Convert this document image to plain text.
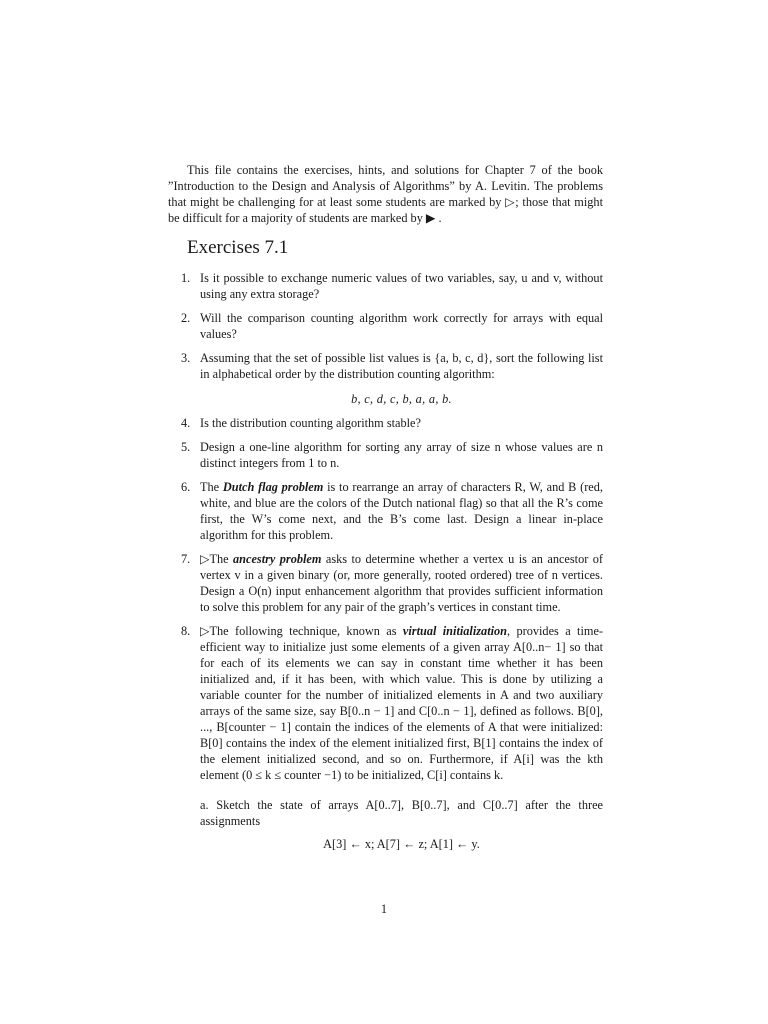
This file contains the exercises, hints, and solutions for Chapter 7 of the book ”Introduction to the Design and Analysis of Algorithms” by A. Levitin. The problems that might be challenging for at least some students are marked by ▷; those that might be difficult for a majority of students are marked by ▶ .

Exercises 7.1
1. Is it possible to exchange numeric values of two variables, say, u and v, without using any extra storage?
2. Will the comparison counting algorithm work correctly for arrays with equal values?
3. Assuming that the set of possible list values is {a, b, c, d}, sort the following list in alphabetical order by the distribution counting algorithm:
b, c, d, c, b, a, a, b.
4. Is the distribution counting algorithm stable?
5. Design a one-line algorithm for sorting any array of size n whose values are n distinct integers from 1 to n.
6. The Dutch flag problem is to rearrange an array of characters R, W, and B (red, white, and blue are the colors of the Dutch national flag) so that all the R’s come first, the W’s come next, and the B’s come last. Design a linear in-place algorithm for this problem.
7. ▷The ancestry problem asks to determine whether a vertex u is an ancestor of vertex v in a given binary (or, more generally, rooted ordered) tree of n vertices. Design a O(n) input enhancement algorithm that provides sufficient information to solve this problem for any pair of the graph’s vertices in constant time.
8. ▷The following technique, known as virtual initialization, provides a time-efficient way to initialize just some elements of a given array A[0..n− 1] so that for each of its elements we can say in constant time whether it has been initialized and, if it has been, with which value. This is done by utilizing a variable counter for the number of initialized elements in A and two auxiliary arrays of the same size, say B[0..n − 1] and C[0..n − 1], defined as follows. B[0], ..., B[counter − 1] contain the indices of the elements of A that were initialized: B[0] contains the index of the element initialized first, B[1] contains the index of the element initialized second, and so on. Furthermore, if A[i] was the kth element (0 ≤ k ≤ counter −1) to be initialized, C[i] contains k.
a. Sketch the state of arrays A[0..7], B[0..7], and C[0..7] after the three assignments
A[3] ← x; A[7] ← z; A[1] ← y.
1
